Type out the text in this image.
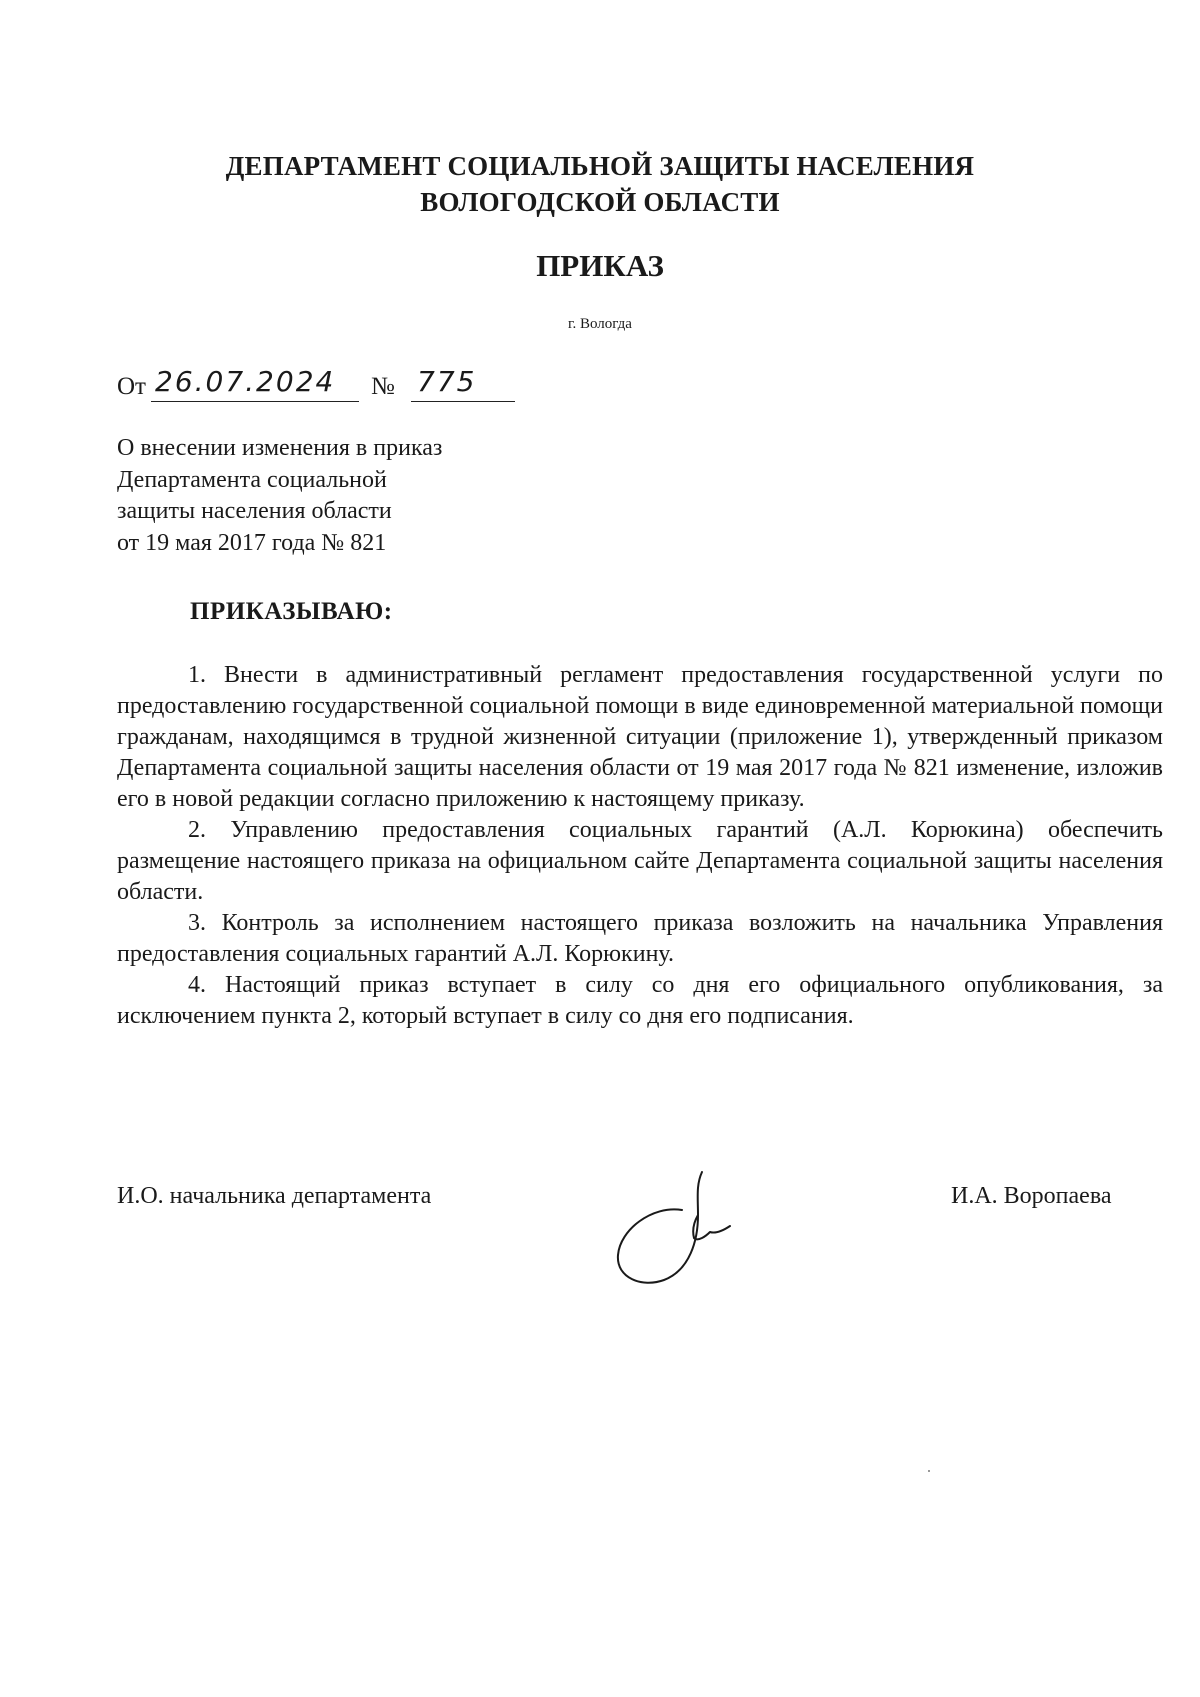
ДЕПАРТАМЕНТ СОЦИАЛЬНОЙ ЗАЩИТЫ НАСЕЛЕНИЯ
ВОЛОГОДСКОЙ ОБЛАСТИ
ПРИКАЗ
г. Вологда
От 26.07.2024 № 775
О внесении изменения в приказ
Департамента социальной
защиты населения области
от 19 мая 2017 года № 821
ПРИКАЗЫВАЮ:

1. Внести в административный регламент предоставления государственной услуги по предоставлению государственной социальной помощи в виде единовременной материальной помощи гражданам, находящимся в трудной жизненной ситуации (приложение 1), утвержденный приказом Департамента социальной защиты населения области от 19 мая 2017 года № 821 изменение, изложив его в новой редакции согласно приложению к настоящему приказу.

2. Управлению предоставления социальных гарантий (А.Л. Корюкина) обеспечить размещение настоящего приказа на официальном сайте Департамента социальной защиты населения области.

3. Контроль за исполнением настоящего приказа возложить на начальника Управления предоставления социальных гарантий А.Л. Корюкину.

4. Настоящий приказ вступает в силу со дня его официального опубликования, за исключением пункта 2, который вступает в силу со дня его подписания.

И.О. начальника департамента	И.А. Воропаева
